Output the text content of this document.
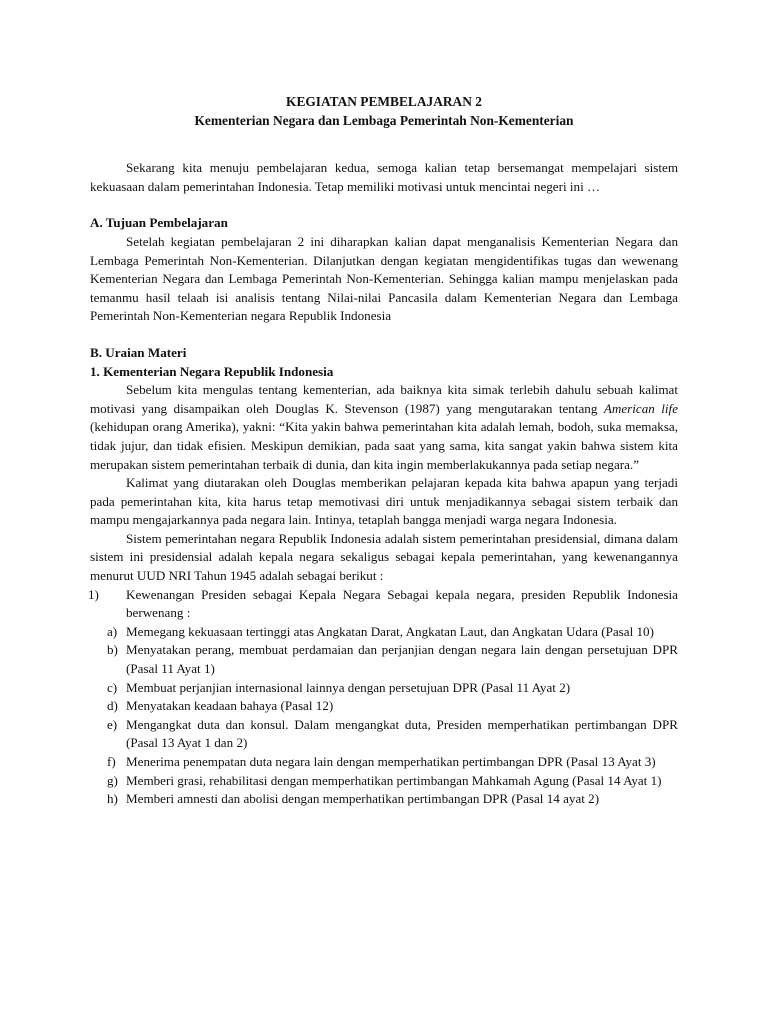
KEGIATAN PEMBELAJARAN 2
Kementerian Negara dan Lembaga Pemerintah Non-Kementerian

Sekarang kita menuju pembelajaran kedua, semoga kalian tetap bersemangat mempelajari sistem kekuasaan dalam pemerintahan Indonesia. Tetap memiliki motivasi untuk mencintai negeri ini …

A. Tujuan Pembelajaran

Setelah kegiatan pembelajaran 2 ini diharapkan kalian dapat menganalisis Kementerian Negara dan Lembaga Pemerintah Non-Kementerian. Dilanjutkan dengan kegiatan mengidentifikas tugas dan wewenang Kementerian Negara dan Lembaga Pemerintah Non-Kementerian. Sehingga kalian mampu menjelaskan pada temanmu hasil telaah isi analisis tentang Nilai-nilai Pancasila dalam Kementerian Negara dan Lembaga Pemerintah Non-Kementerian negara Republik Indonesia

B. Uraian Materi

1. Kementerian Negara Republik Indonesia

Sebelum kita mengulas tentang kementerian, ada baiknya kita simak terlebih dahulu sebuah kalimat motivasi yang disampaikan oleh Douglas K. Stevenson (1987) yang mengutarakan tentang American life (kehidupan orang Amerika), yakni: “Kita yakin bahwa pemerintahan kita adalah lemah, bodoh, suka memaksa, tidak jujur, dan tidak efisien. Meskipun demikian, pada saat yang sama, kita sangat yakin bahwa sistem kita merupakan sistem pemerintahan terbaik di dunia, dan kita ingin memberlakukannya pada setiap negara.”

Kalimat yang diutarakan oleh Douglas memberikan pelajaran kepada kita bahwa apapun yang terjadi pada pemerintahan kita, kita harus tetap memotivasi diri untuk menjadikannya sebagai sistem terbaik dan mampu mengajarkannya pada negara lain. Intinya, tetaplah bangga menjadi warga negara Indonesia.

Sistem pemerintahan negara Republik Indonesia adalah sistem pemerintahan presidensial, dimana dalam sistem ini presidensial adalah kepala negara sekaligus sebagai kepala pemerintahan, yang kewenangannya menurut UUD NRI Tahun 1945 adalah sebagai berikut :

1) Kewenangan Presiden sebagai Kepala Negara Sebagai kepala negara, presiden Republik Indonesia berwenang :
a) Memegang kekuasaan tertinggi atas Angkatan Darat, Angkatan Laut, dan Angkatan Udara (Pasal 10)
b) Menyatakan perang, membuat perdamaian dan perjanjian dengan negara lain dengan persetujuan DPR (Pasal 11 Ayat 1)
c) Membuat perjanjian internasional lainnya dengan persetujuan DPR (Pasal 11 Ayat 2)
d) Menyatakan keadaan bahaya (Pasal 12)
e) Mengangkat duta dan konsul. Dalam mengangkat duta, Presiden memperhatikan pertimbangan DPR (Pasal 13 Ayat 1 dan 2)
f) Menerima penempatan duta negara lain dengan memperhatikan pertimbangan DPR (Pasal 13 Ayat 3)
g) Memberi grasi, rehabilitasi dengan memperhatikan pertimbangan Mahkamah Agung (Pasal 14 Ayat 1)
h) Memberi amnesti dan abolisi dengan memperhatikan pertimbangan DPR (Pasal 14 ayat 2)
